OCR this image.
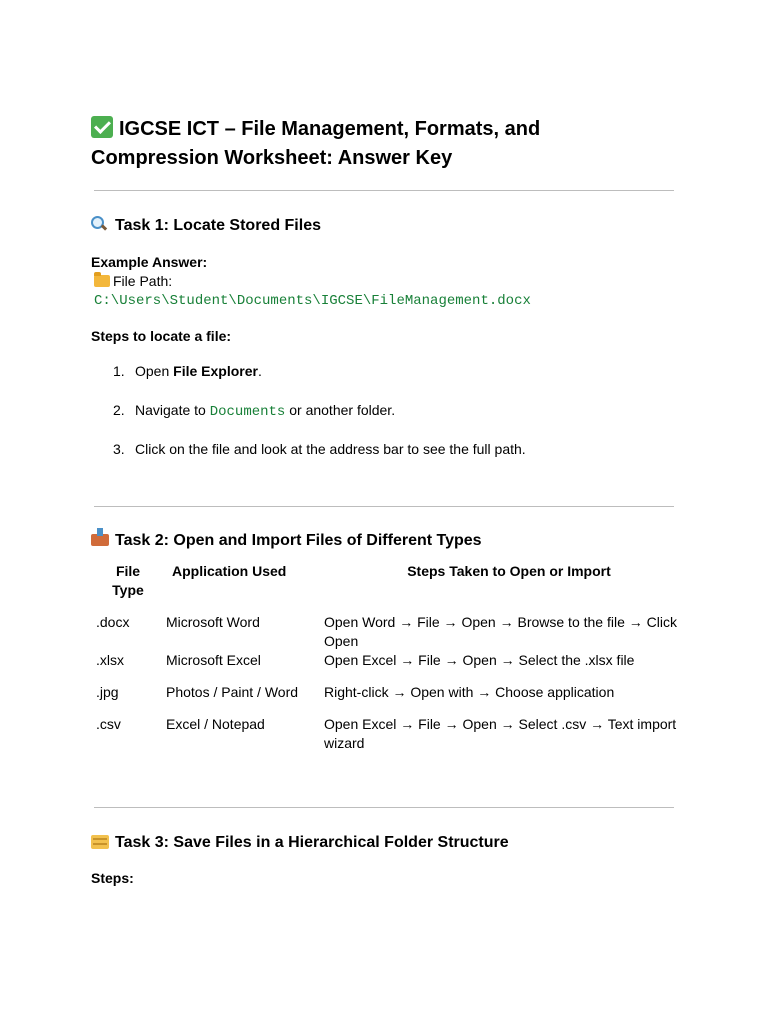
IGCSE ICT – File Management, Formats, and
Compression Worksheet: Answer Key
Task 1: Locate Stored Files
Example Answer:
File Path:
C:\Users\Student\Documents\IGCSE\FileManagement.docx
Steps to locate a file:
1. Open File Explorer.
2. Navigate to Documents or another folder.
3. Click on the file and look at the address bar to see the full path.
Task 2: Open and Import Files of Different Types
File Type	Application Used	Steps Taken to Open or Import
.docx	Microsoft Word	Open Word → File → Open → Browse to the file → Click Open
.xlsx	Microsoft Excel	Open Excel → File → Open → Select the .xlsx file
.jpg	Photos / Paint / Word	Right-click → Open with → Choose application
.csv	Excel / Notepad	Open Excel → File → Open → Select .csv → Text import wizard
Task 3: Save Files in a Hierarchical Folder Structure
Steps:
